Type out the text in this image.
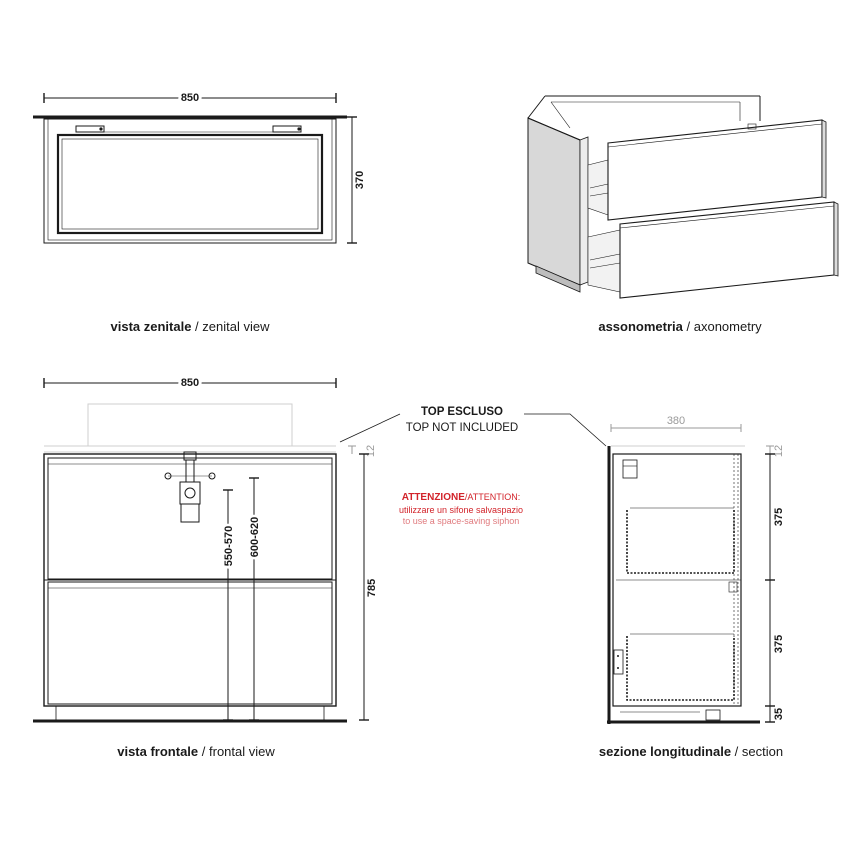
850
370
vista zenitale / zenital view	assonometria / axonometry
850
550-570 600-620
12
785
vista frontale / frontal view
TOP ESCLUSO
TOP NOT INCLUDED
ATTENZIONE/ATTENTION:
utilizzare un sifone salvaspazio
to use a space-saving siphon
380
12
375
375
35
sezione longitudinale / section
